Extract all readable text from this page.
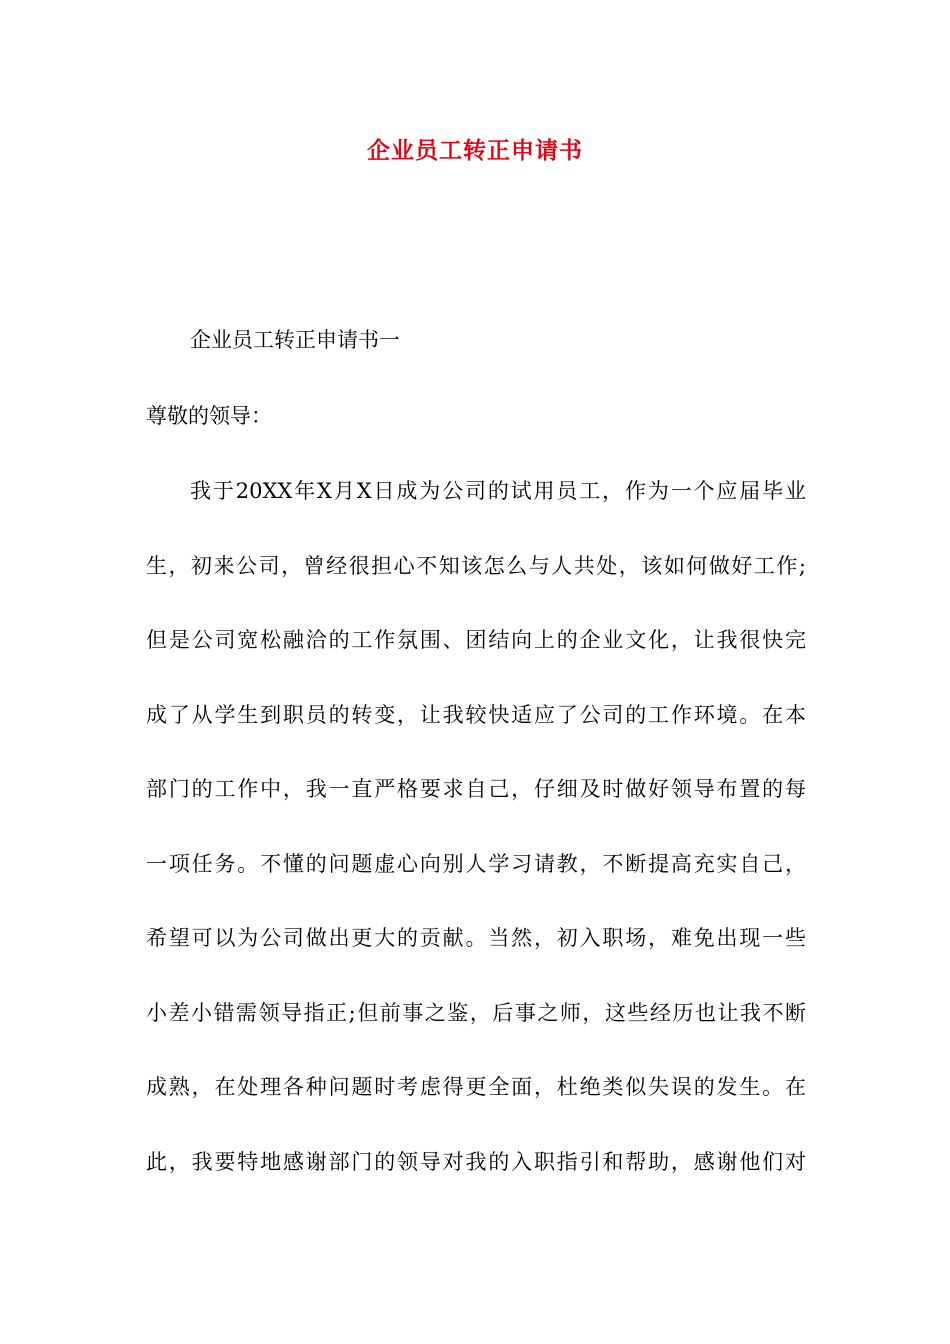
企业员工转正申请书

企业员工转正申请书一

尊敬的领导：

我于20XX年X月X日成为公司的试用员工，作为一个应届毕业
生，初来公司，曾经很担心不知该怎么与人共处，该如何做好工作;
但是公司宽松融洽的工作氛围、团结向上的企业文化，让我很快完
成了从学生到职员的转变，让我较快适应了公司的工作环境。在本
部门的工作中，我一直严格要求自己，仔细及时做好领导布置的每
一项任务。不懂的问题虚心向别人学习请教，不断提高充实自己，
希望可以为公司做出更大的贡献。当然，初入职场，难免出现一些
小差小错需领导指正;但前事之鉴，后事之师，这些经历也让我不断
成熟，在处理各种问题时考虑得更全面，杜绝类似失误的发生。在
此，我要特地感谢部门的领导对我的入职指引和帮助，感谢他们对
